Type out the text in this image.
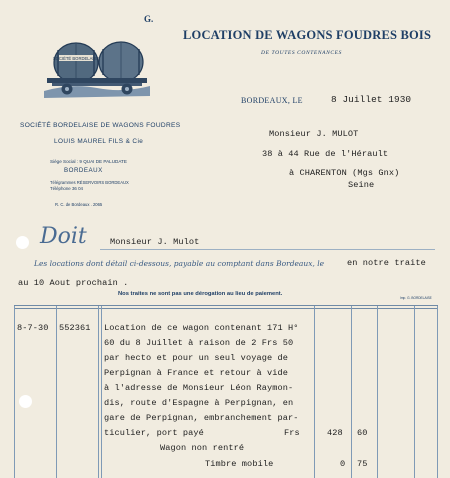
G.
LOCATION DE WAGONS FOUDRES BOIS
DE TOUTES CONTENANCES
SOCIÉTÉ BORDELAISE
SOCIÉTÉ BORDELAISE DE WAGONS FOUDRES
LOUIS MAUREL FILS & Cie
Siège Social : 9 QUAI DE PALUDATE
BORDEAUX
Télégrammes RÉSERVOIRS BORDEAUX
Téléphone 36 04
R. C. de Bordeaux . 2065
BORDEAUX, LE	8 Juillet 1930
Monsieur J. MULOT
38 à 44 Rue de l'Hérault
à CHARENTON (Mgs Gnx)
Seine
Doit	Monsieur J. Mulot
Les locations dont détail ci-dessous, payable au comptant dans Bordeaux, le	en notre traite
au 10 Aout prochain .
Nos traites ne sont pas une dérogation au lieu de paiement.
Imp. G. BORDELAISE
8-7-30 552361 Location de ce wagon contenant 171 H°
60 du 8 Juillet à raison de 2 Frs 50
par hecto et pour un seul voyage de
Perpignan à France et retour à vide
à l'adresse de Monsieur Léon Raymon-
dis, route d'Espagne à Perpignan, en
gare de Perpignan, embranchement par-
ticulier, port payé	Frs	428 60
Wagon non rentré
Timbre mobile	0 75
